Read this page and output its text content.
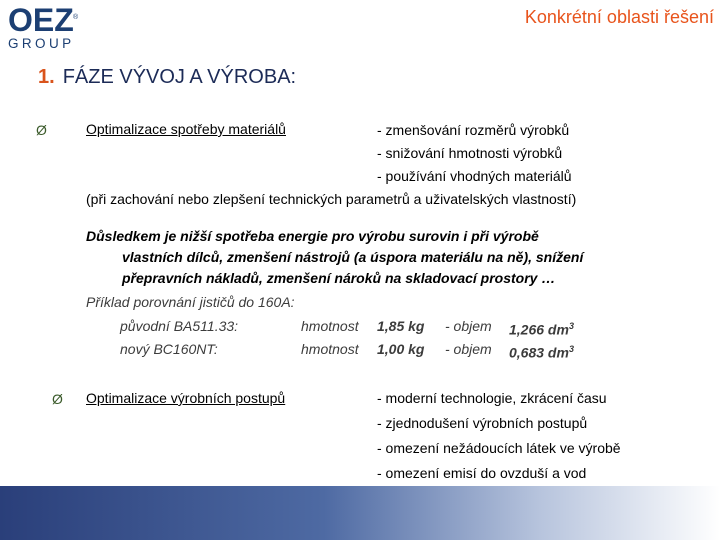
OEZ ®
GROUP
Konkrétní oblasti řešení
1. FÁZE VÝVOJ A VÝROBA:
Ø	Optimalizace spotřeby materiálů	- zmenšování rozměrů výrobků
- snižování hmotnosti výrobků
- používání vhodných materiálů
(při zachování nebo zlepšení technických parametrů a uživatelských vlastností)
Důsledkem je nižší spotřeba energie pro výrobu surovin i při výrobě
vlastních dílců, zmenšení nástrojů (a úspora materiálu na ně), snížení
přepravních nákladů, zmenšení nároků na skladovací prostory …
Příklad porovnání jističů do 160A:
původní BA511.33:	hmotnost 1,85 kg - objem 1,266 $dm^3$
nový BC160NT:	hmotnost 1,00 kg - objem 0,683 $dm^3$
Ø Optimalizace výrobních postupů	- moderní technologie, zkrácení času
- zjednodušení výrobních postupů
- omezení nežádoucích látek ve výrobě
- omezení emisí do ovzduší a vod
